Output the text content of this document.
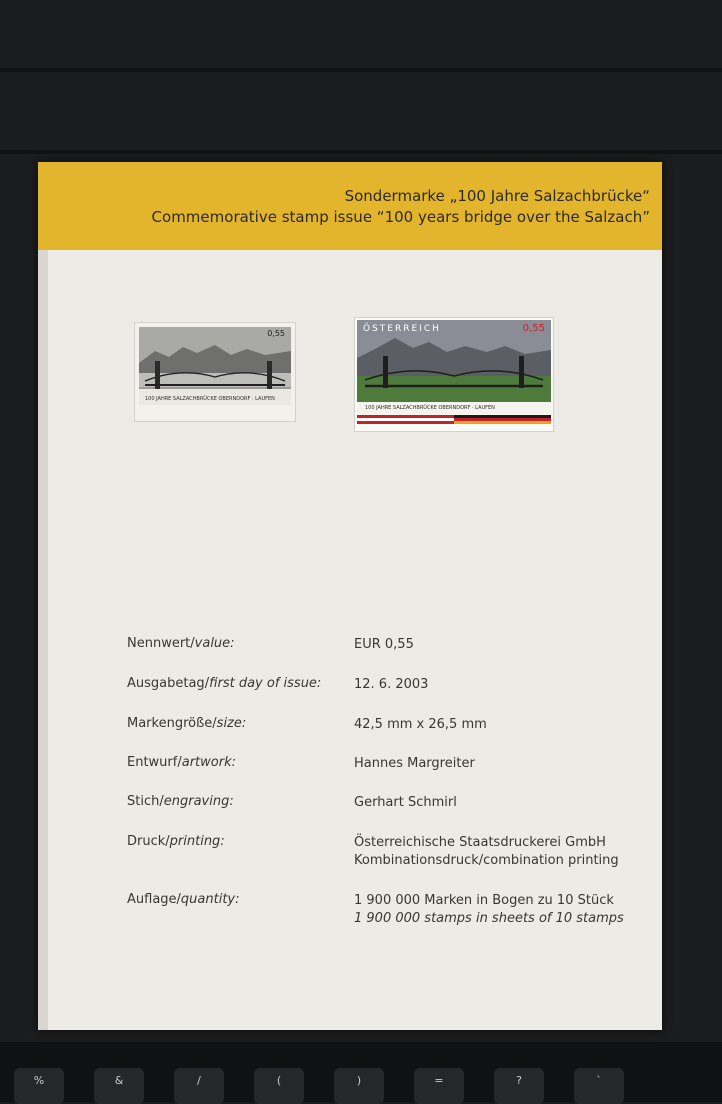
Sondermarke „100 Jahre Salzachbrücke“
Commemorative stamp issue “100 years bridge over the Salzach”
0,55
100 JAHRE SALZACHBRÜCKE OBERNDORF · LAUFEN
ÖSTERREICH	0,55
100 JAHRE SALZACHBRÜCKE OBERNDORF · LAUFEN
Nennwert/value:	EUR 0,55
Ausgabetag/first day of issue:	12. 6. 2003
Markengröße/size:	42,5 mm x 26,5 mm
Entwurf/artwork:	Hannes Margreiter
Stich/engraving:	Gerhart Schmirl
Druck/printing:	Österreichische Staatsdruckerei GmbH
Kombinationsdruck/combination printing
Auflage/quantity:	1 900 000 Marken in Bogen zu 10 Stück
1 900 000 stamps in sheets of 10 stamps
%	&	/	(	)	=	?	`
